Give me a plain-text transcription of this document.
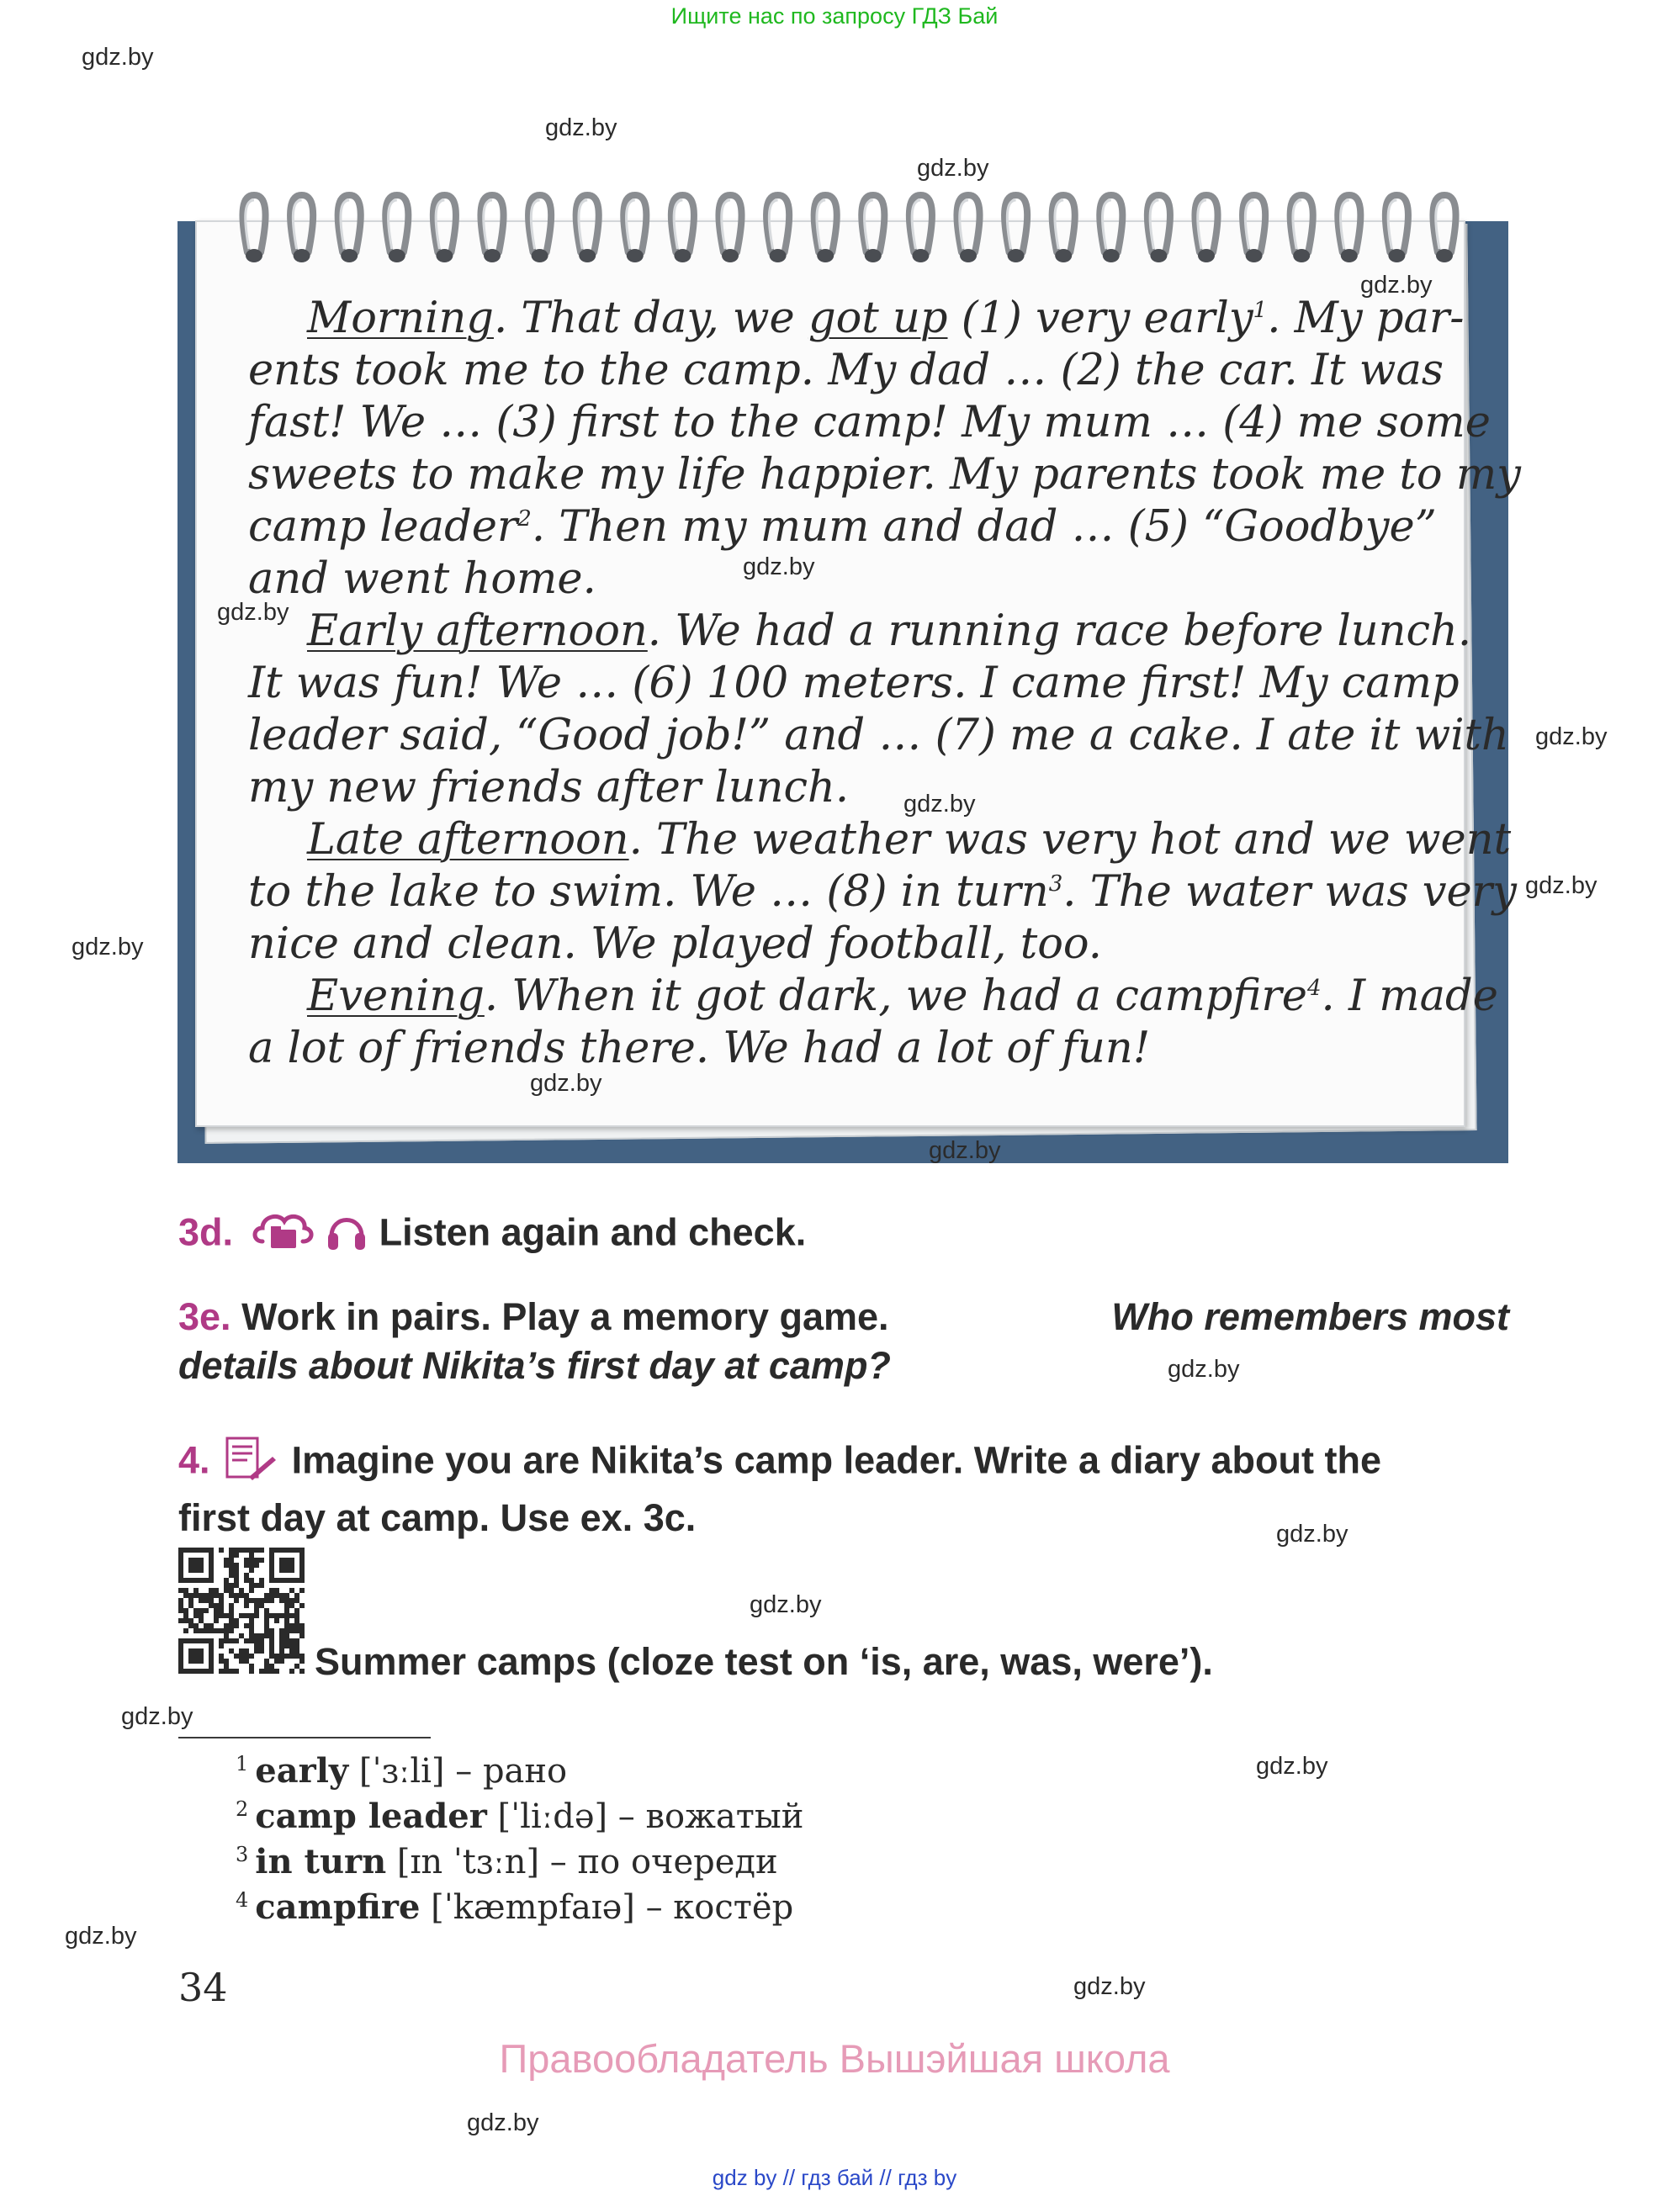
Ищите нас по запросу ГДЗ Бай
gdz.by
gdz.by
gdz.by
gdz.by
Morning. That day, we got up (1) very early$^1$. My par-
ents took me to the camp. My dad … (2) the car. It was
fast! We … (3) first to the camp! My mum … (4) me some
sweets to make my life happier. My parents took me to my
camp leader$^2$. Then my mum and dad … (5) “Goodbye”
and went home.
Early afternoon. We had a running race before lunch.
It was fun! We … (6) 100 meters. I came first! My camp
leader said, “Good job!” and … (7) me a cake. I ate it with
my new friends after lunch.
Late afternoon. The weather was very hot and we went
to the lake to swim. We … (8) in turn$^3$. The water was very
nice and clean. We played football, too.
Evening. When it got dark, we had a campfire$^4$. I made
a lot of friends there. We had a lot of fun!
gdz.by
gdz.by
gdz.by
gdz.by
gdz.by
gdz.by
gdz.by
gdz.by
3d.	Listen again and check.
3e. Work in pairs. Play a memory game.	Who remembers most
details about Nikita’s first day at camp?	gdz.by
4. Imagine you are Nikita’s camp leader. Write a diary about the
first day at camp. Use ex. 3c.	gdz.by
gdz.by
Summer camps (cloze test on ‘is, are, was, were’).
gdz.by
$^1$ early [ˈɜːli] – рано
$^2$ camp leader [ˈliːdə] – вожатый
$^3$ in turn [ɪn ˈtɜːn] – по очереди
$^4$ campfire [ˈkæmpfaɪə] – костёр
gdz.by
gdz.by
34	gdz.by
Правообладатель Вышэйшая школа
gdz.by
gdz by // гдз бай // гдз by
